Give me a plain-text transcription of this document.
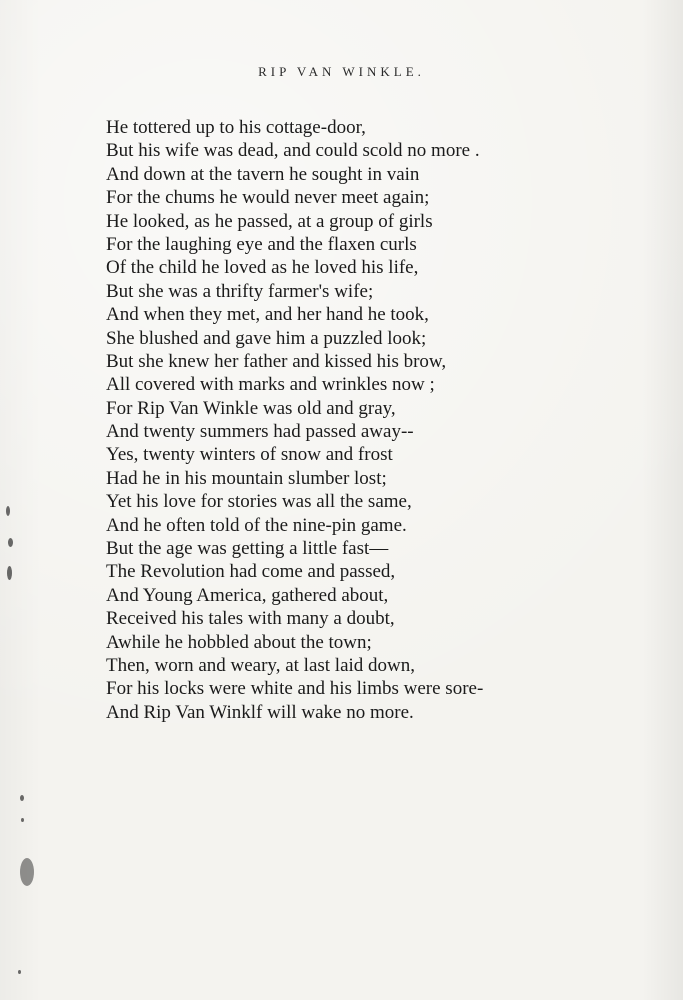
RIP VAN WINKLE.
He tottered up to his cottage-door,
But his wife was dead, and could scold no more .
And down at the tavern he sought in vain
For the chums he would never meet again;
He looked, as he passed, at a group of girls
For the laughing eye and the flaxen curls
Of the child he loved as he loved his life,
But she was a thrifty farmer's wife;
And when they met, and her hand he took,
She blushed and gave him a puzzled look;
But she knew her father and kissed his brow,
All covered with marks and wrinkles now ;
For Rip Van Winkle was old and gray,
And twenty summers had passed away--
Yes, twenty winters of snow and frost
Had he in his mountain slumber lost;
Yet his love for stories was all the same,
And he often told of the nine-pin game.
But the age was getting a little fast—
The Revolution had come and passed,
And Young America, gathered about,
Received his tales with many a doubt,
Awhile he hobbled about the town;
Then, worn and weary, at last laid down,
For his locks were white and his limbs were sore-
And Rip Van Winklf will wake no more.
